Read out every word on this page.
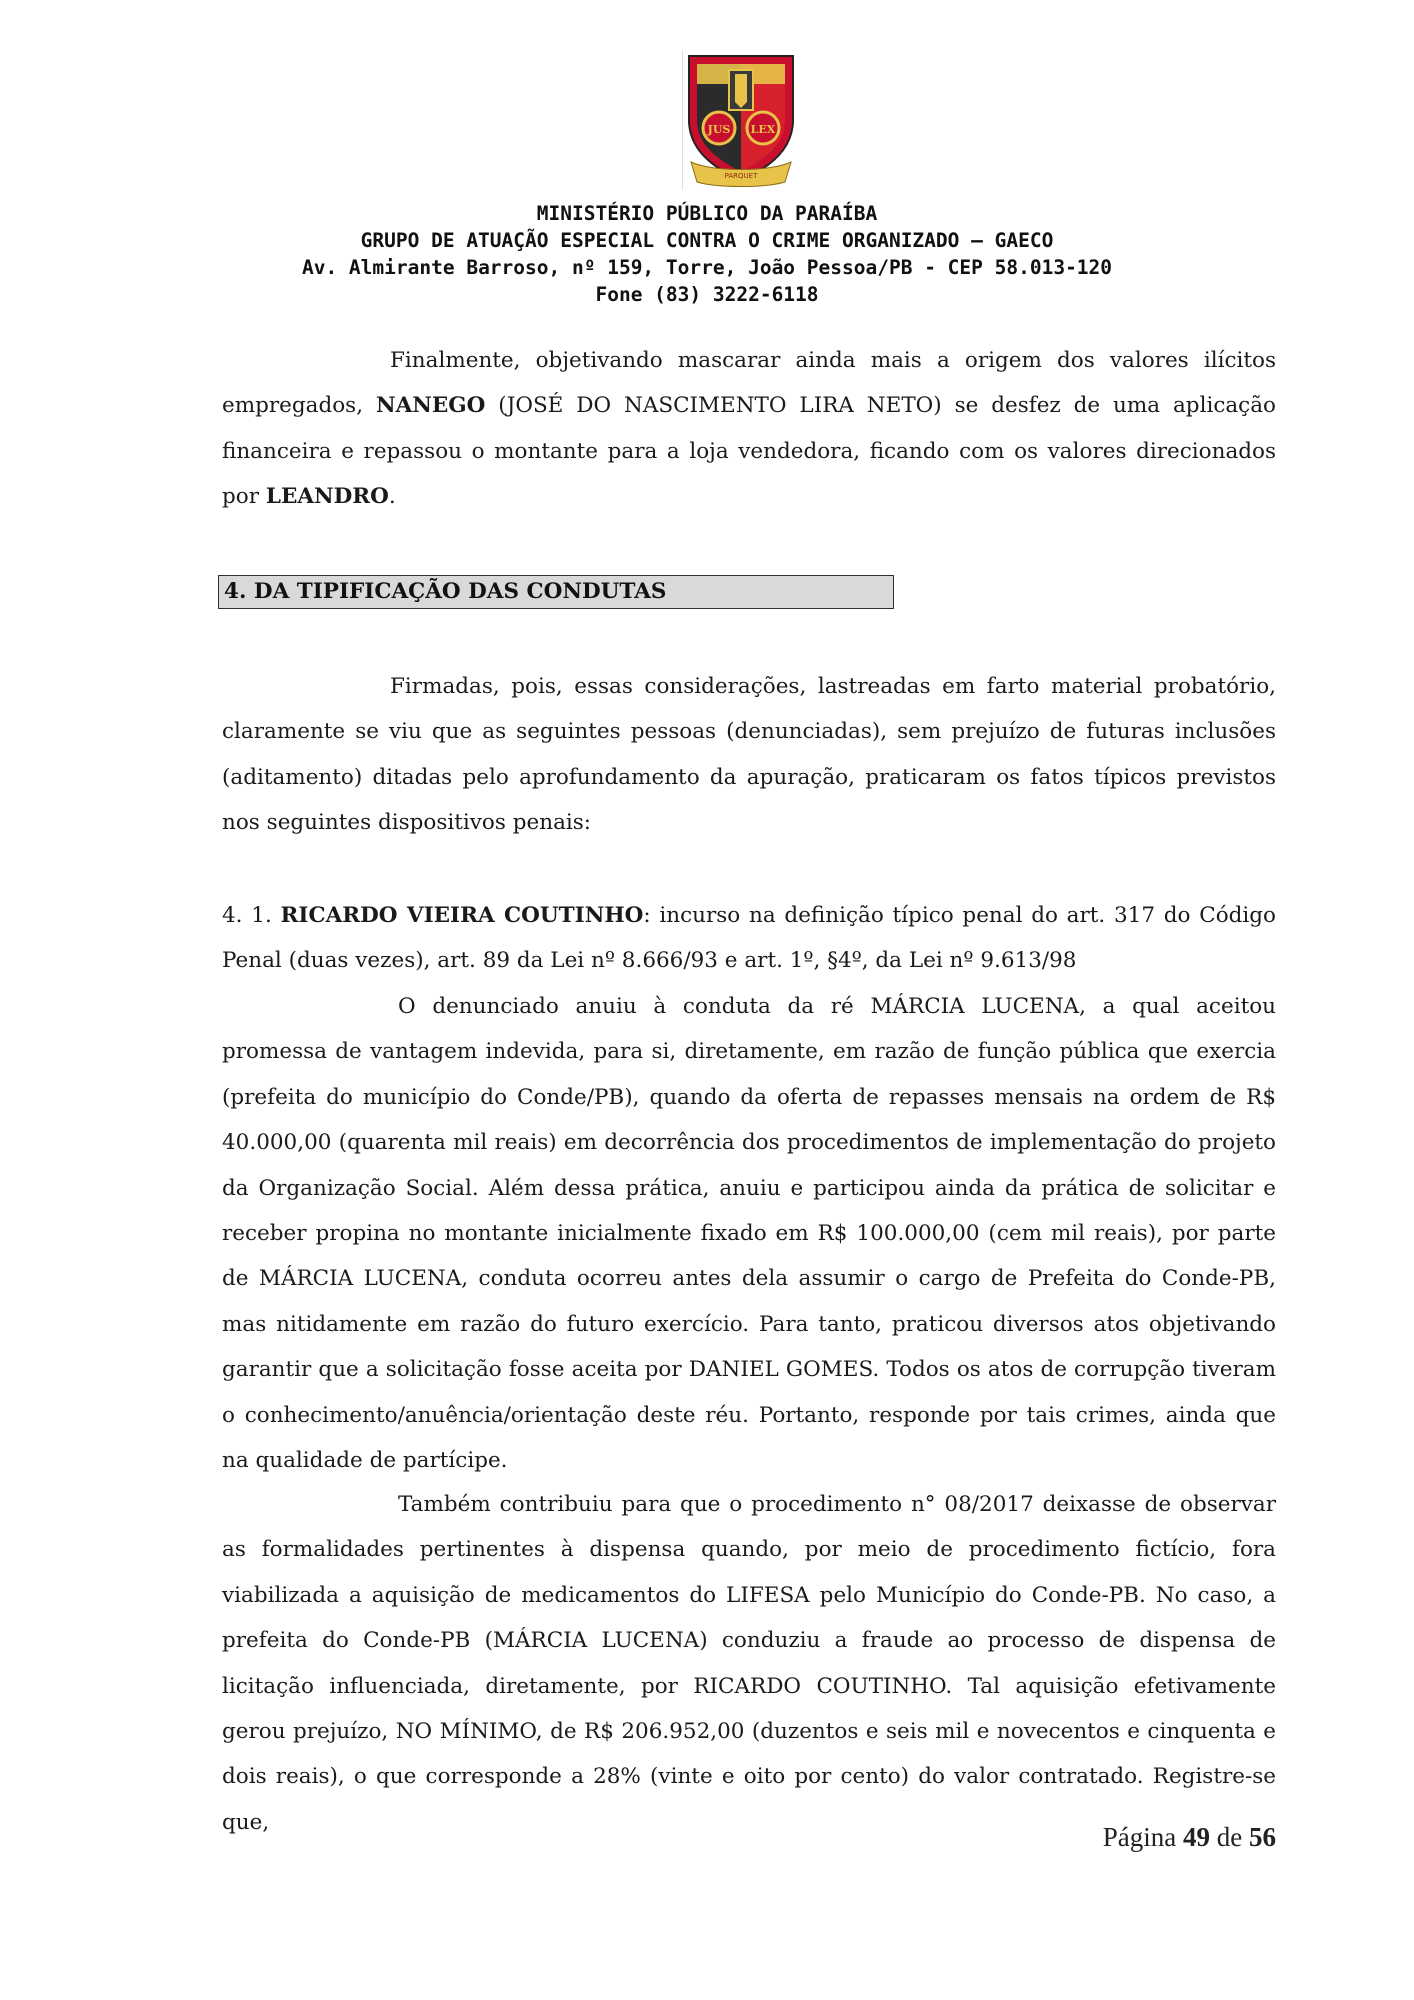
JUS LEX
PARQUET
MINISTÉRIO PÚBLICO DA PARAÍBA
GRUPO DE ATUAÇÃO ESPECIAL CONTRA O CRIME ORGANIZADO – GAECO
Av. Almirante Barroso, nº 159, Torre, João Pessoa/PB - CEP 58.013-120
Fone (83) 3222-6118

Finalmente, objetivando mascarar ainda mais a origem dos valores ilícitos empregados, NANEGO (JOSÉ DO NASCIMENTO LIRA NETO) se desfez de uma aplicação financeira e repassou o montante para a loja vendedora, ficando com os valores direcionados por LEANDRO.

4. DA TIPIFICAÇÃO DAS CONDUTAS

Firmadas, pois, essas considerações, lastreadas em farto material probatório, claramente se viu que as seguintes pessoas (denunciadas), sem prejuízo de futuras inclusões (aditamento) ditadas pelo aprofundamento da apuração, praticaram os fatos típicos previstos nos seguintes dispositivos penais:

4. 1. RICARDO VIEIRA COUTINHO: incurso na definição típico penal do art. 317 do Código Penal (duas vezes), art. 89 da Lei nº 8.666/93 e art. 1º, §4º, da Lei nº 9.613/98

O denunciado anuiu à conduta da ré MÁRCIA LUCENA, a qual aceitou promessa de vantagem indevida, para si, diretamente, em razão de função pública que exercia (prefeita do município do Conde/PB), quando da oferta de repasses mensais na ordem de R$ 40.000,00 (quarenta mil reais) em decorrência dos procedimentos de implementação do projeto da Organização Social. Além dessa prática, anuiu e participou ainda da prática de solicitar e receber propina no montante inicialmente fixado em R$ 100.000,00 (cem mil reais), por parte de MÁRCIA LUCENA, conduta ocorreu antes dela assumir o cargo de Prefeita do Conde-PB, mas nitidamente em razão do futuro exercício. Para tanto, praticou diversos atos objetivando garantir que a solicitação fosse aceita por DANIEL GOMES. Todos os atos de corrupção tiveram o conhecimento/anuência/orientação deste réu. Portanto, responde por tais crimes, ainda que na qualidade de partícipe.

Também contribuiu para que o procedimento n° 08/2017 deixasse de observar as formalidades pertinentes à dispensa quando, por meio de procedimento fictício, fora viabilizada a aquisição de medicamentos do LIFESA pelo Município do Conde-PB. No caso, a prefeita do Conde-PB (MÁRCIA LUCENA) conduziu a fraude ao processo de dispensa de licitação influenciada, diretamente, por RICARDO COUTINHO. Tal aquisição efetivamente gerou prejuízo, NO MÍNIMO, de R$ 206.952,00 (duzentos e seis mil e novecentos e cinquenta e dois reais), o que corresponde a 28% (vinte e oito por cento) do valor contratado. Registre-se que,	Página 49 de 56
